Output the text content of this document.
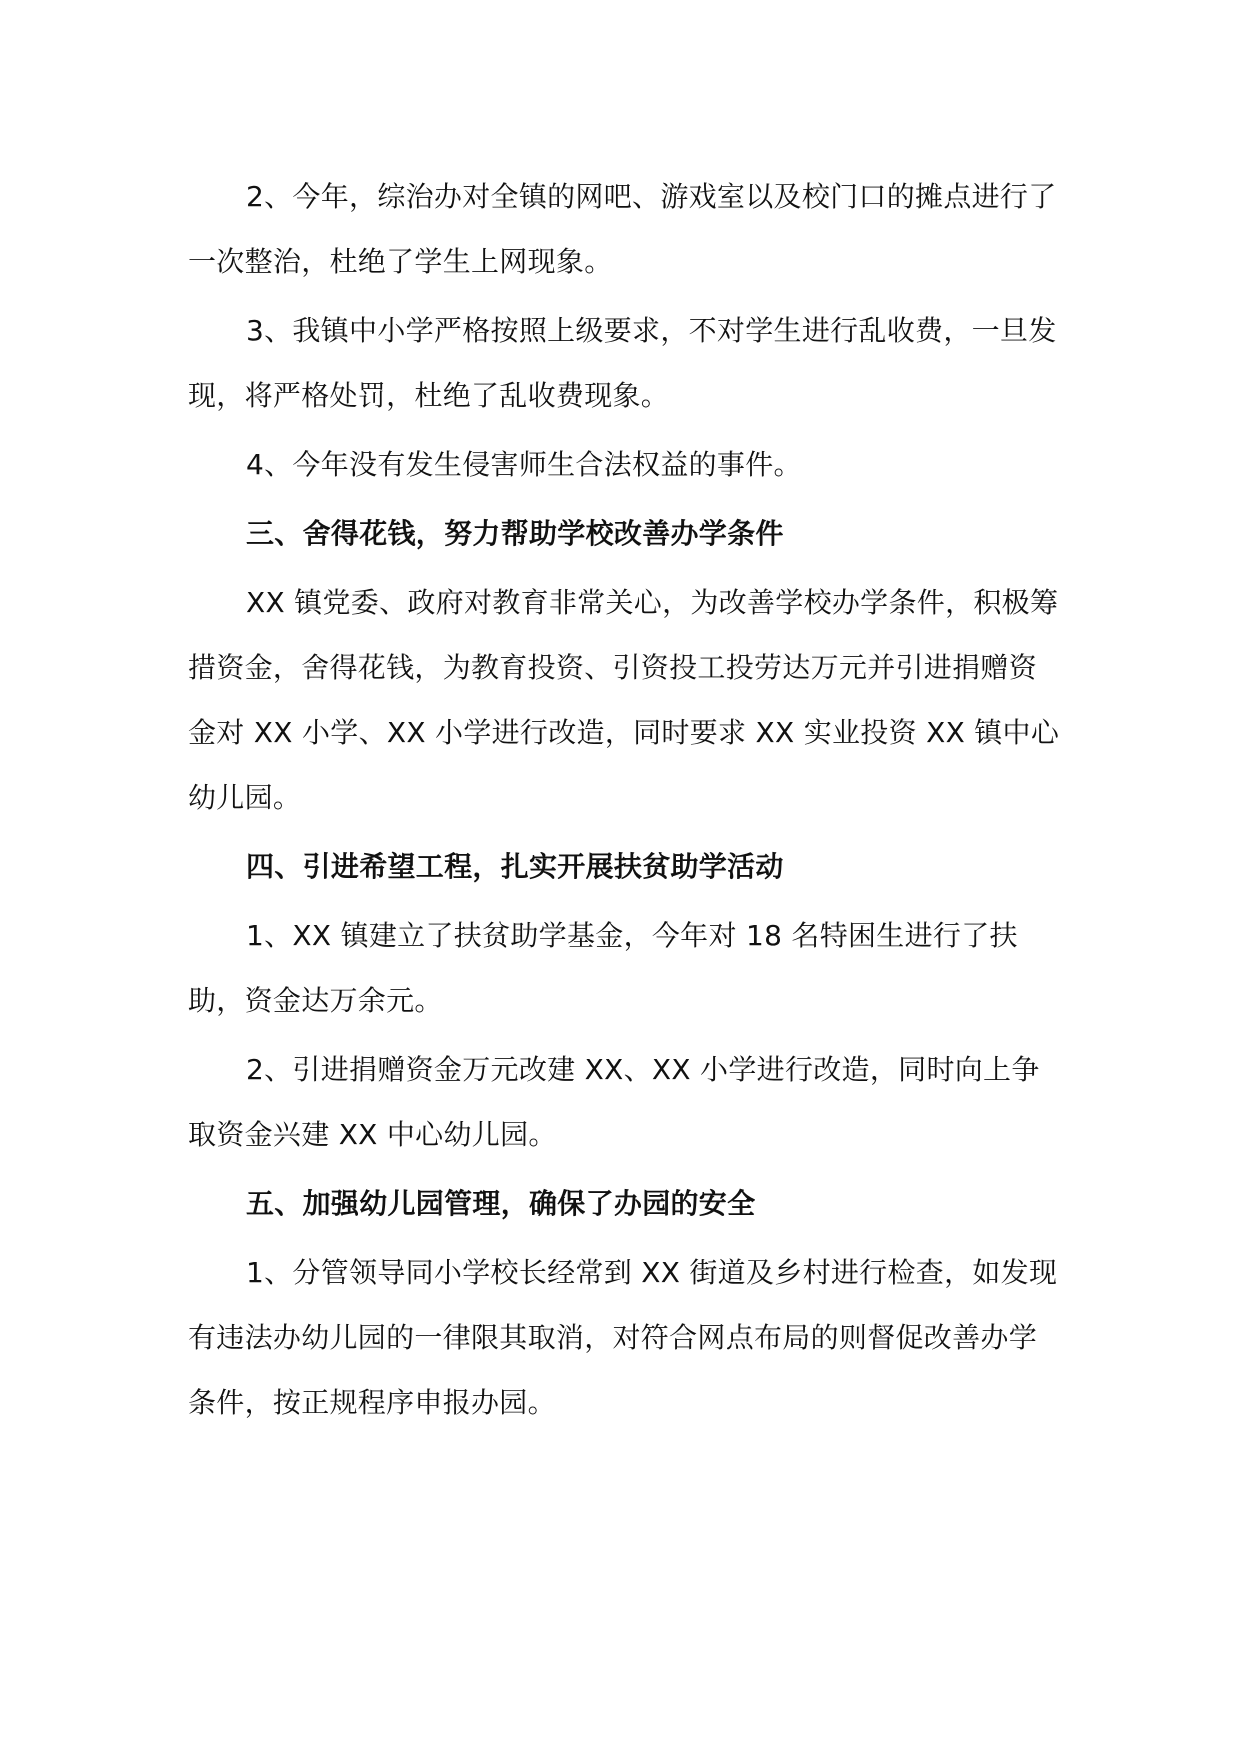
2、今年，综治办对全镇的网吧、游戏室以及校门口的摊点进行了一次整治，杜绝了学生上网现象。

3、我镇中小学严格按照上级要求，不对学生进行乱收费，一旦发现，将严格处罚，杜绝了乱收费现象。

4、今年没有发生侵害师生合法权益的事件。

三、舍得花钱，努力帮助学校改善办学条件

XX 镇党委、政府对教育非常关心，为改善学校办学条件，积极筹措资金，舍得花钱，为教育投资、引资投工投劳达万元并引进捐赠资金对 XX 小学、XX 小学进行改造，同时要求 XX 实业投资 XX 镇中心幼儿园。

四、引进希望工程，扎实开展扶贫助学活动

1、XX 镇建立了扶贫助学基金，今年对 18 名特困生进行了扶助，资金达万余元。

2、引进捐赠资金万元改建 XX、XX 小学进行改造，同时向上争取资金兴建 XX 中心幼儿园。

五、加强幼儿园管理，确保了办园的安全

1、分管领导同小学校长经常到 XX 街道及乡村进行检查，如发现有违法办幼儿园的一律限其取消，对符合网点布局的则督促改善办学条件，按正规程序申报办园。
